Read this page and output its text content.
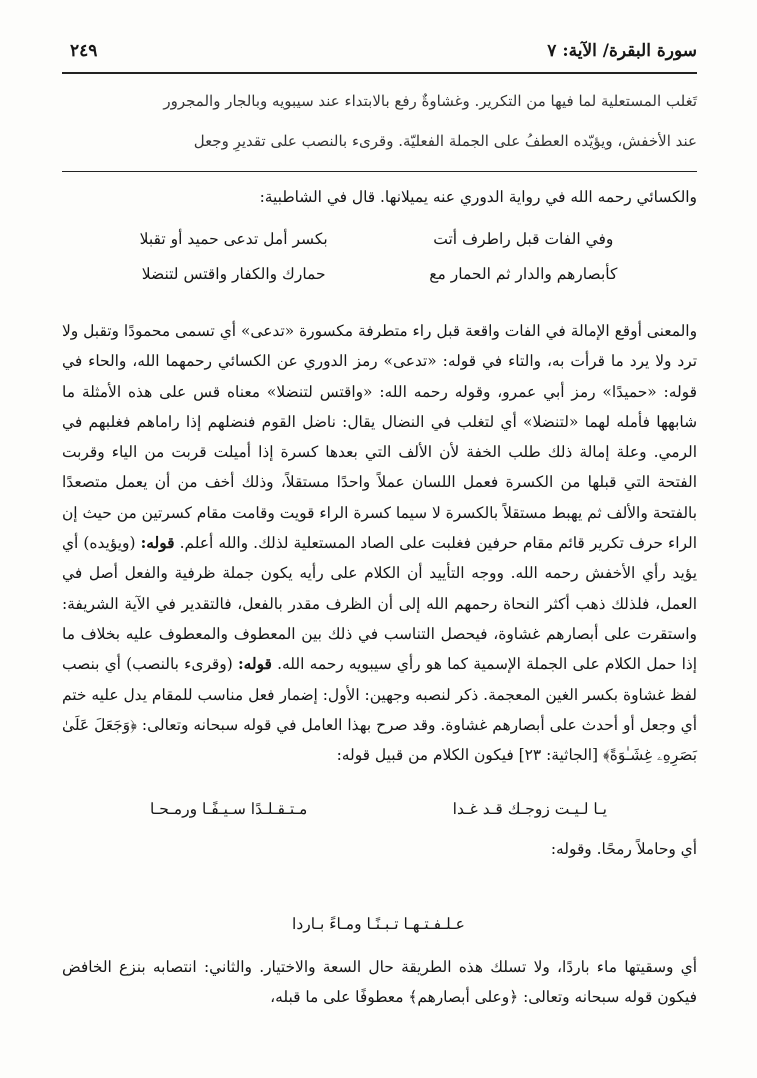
سورة البقرة/ الآية: ٧
٢٤٩
تَغلب المستعلية لما فيها من التكرير. وغشاوةٌ رفع بالابتداء عند سيبويه وبالجار والمجرور
عند الأخفش، ويؤيّده العطفُ على الجملة الفعليّة. وقرىء بالنصب على تقديرِ وجعل
والكسائي رحمه الله في رواية الدوري عنه يميلانها. قال في الشاطبية:
وفي الفات قبل راطرف أتت
بكسر أمل تدعى حميد أو تقبلا
كأبصارهم والدار ثم الحمار مع
حمارك والكفار واقتس لتنضلا
والمعنى أوقع الإمالة في الفات واقعة قبل راء متطرفة مكسورة «تدعى» أي تسمى محمودًا وتقبل ولا ترد ولا يرد ما قرأت به، والتاء في قوله: «تدعى» رمز الدوري عن الكسائي رحمهما الله، والحاء في قوله: «حميدًا» رمز أبي عمرو، وقوله رحمه الله: «واقتس لتنضلا» معناه قس على هذه الأمثلة ما شابهها فأمله لهما «لتنضلا» أي لتغلب في النضال يقال: ناضل القوم فنضلهم إذا راماهم فغلبهم في الرمي. وعلة إمالة ذلك طلب الخفة لأن الألف التي بعدها كسرة إذا أميلت قربت من الياء وقربت الفتحة التي قبلها من الكسرة فعمل اللسان عملاً واحدًا مستقلاً، وذلك أخف من أن يعمل متصعدًا بالفتحة والألف ثم يهبط مستقلاً بالكسرة لا سيما كسرة الراء قويت وقامت مقام كسرتين من حيث إن الراء حرف تكرير قائم مقام حرفين فغلبت على الصاد المستعلية لذلك. والله أعلم. قوله: (ويؤيده) أي يؤيد رأي الأخفش رحمه الله. ووجه التأييد أن الكلام على رأيه يكون جملة ظرفية والفعل أصل في العمل، فلذلك ذهب أكثر النحاة رحمهم الله إلى أن الظرف مقدر بالفعل، فالتقدير في الآية الشريفة: واستقرت على أبصارهم غشاوة، فيحصل التناسب في ذلك بين المعطوف والمعطوف عليه بخلاف ما إذا حمل الكلام على الجملة الإسمية كما هو رأي سيبويه رحمه الله. قوله: (وقرىء بالنصب) أي بنصب لفظ غشاوة بكسر الغين المعجمة. ذكر لنصبه وجهين: الأول: إضمار فعل مناسب للمقام يدل عليه ختم أي وجعل أو أحدث على أبصارهم غشاوة. وقد صرح بهذا العامل في قوله سبحانه وتعالى: ﴿وَجَعَلَ عَلَىٰ بَصَرِهِۦ غِشَـٰوَةً﴾ [الجاثية: ٢٣] فيكون الكلام من قبيل قوله:
يـا لـيـت زوجـك قـد غـدا
مـتـقـلـدًا سـيـفًـا ورمـحـا
أي وحاملاً رمحًا. وقوله:
عـلـفـتـهـا تـبـنًـا ومـاءً بـاردا
أي وسقيتها ماء باردًا، ولا تسلك هذه الطريقة حال السعة والاختيار. والثاني: انتصابه بنزع الخافض فيكون قوله سبحانه وتعالى: ﴿وعلى أبصارهم﴾ معطوفًا على ما قبله،
